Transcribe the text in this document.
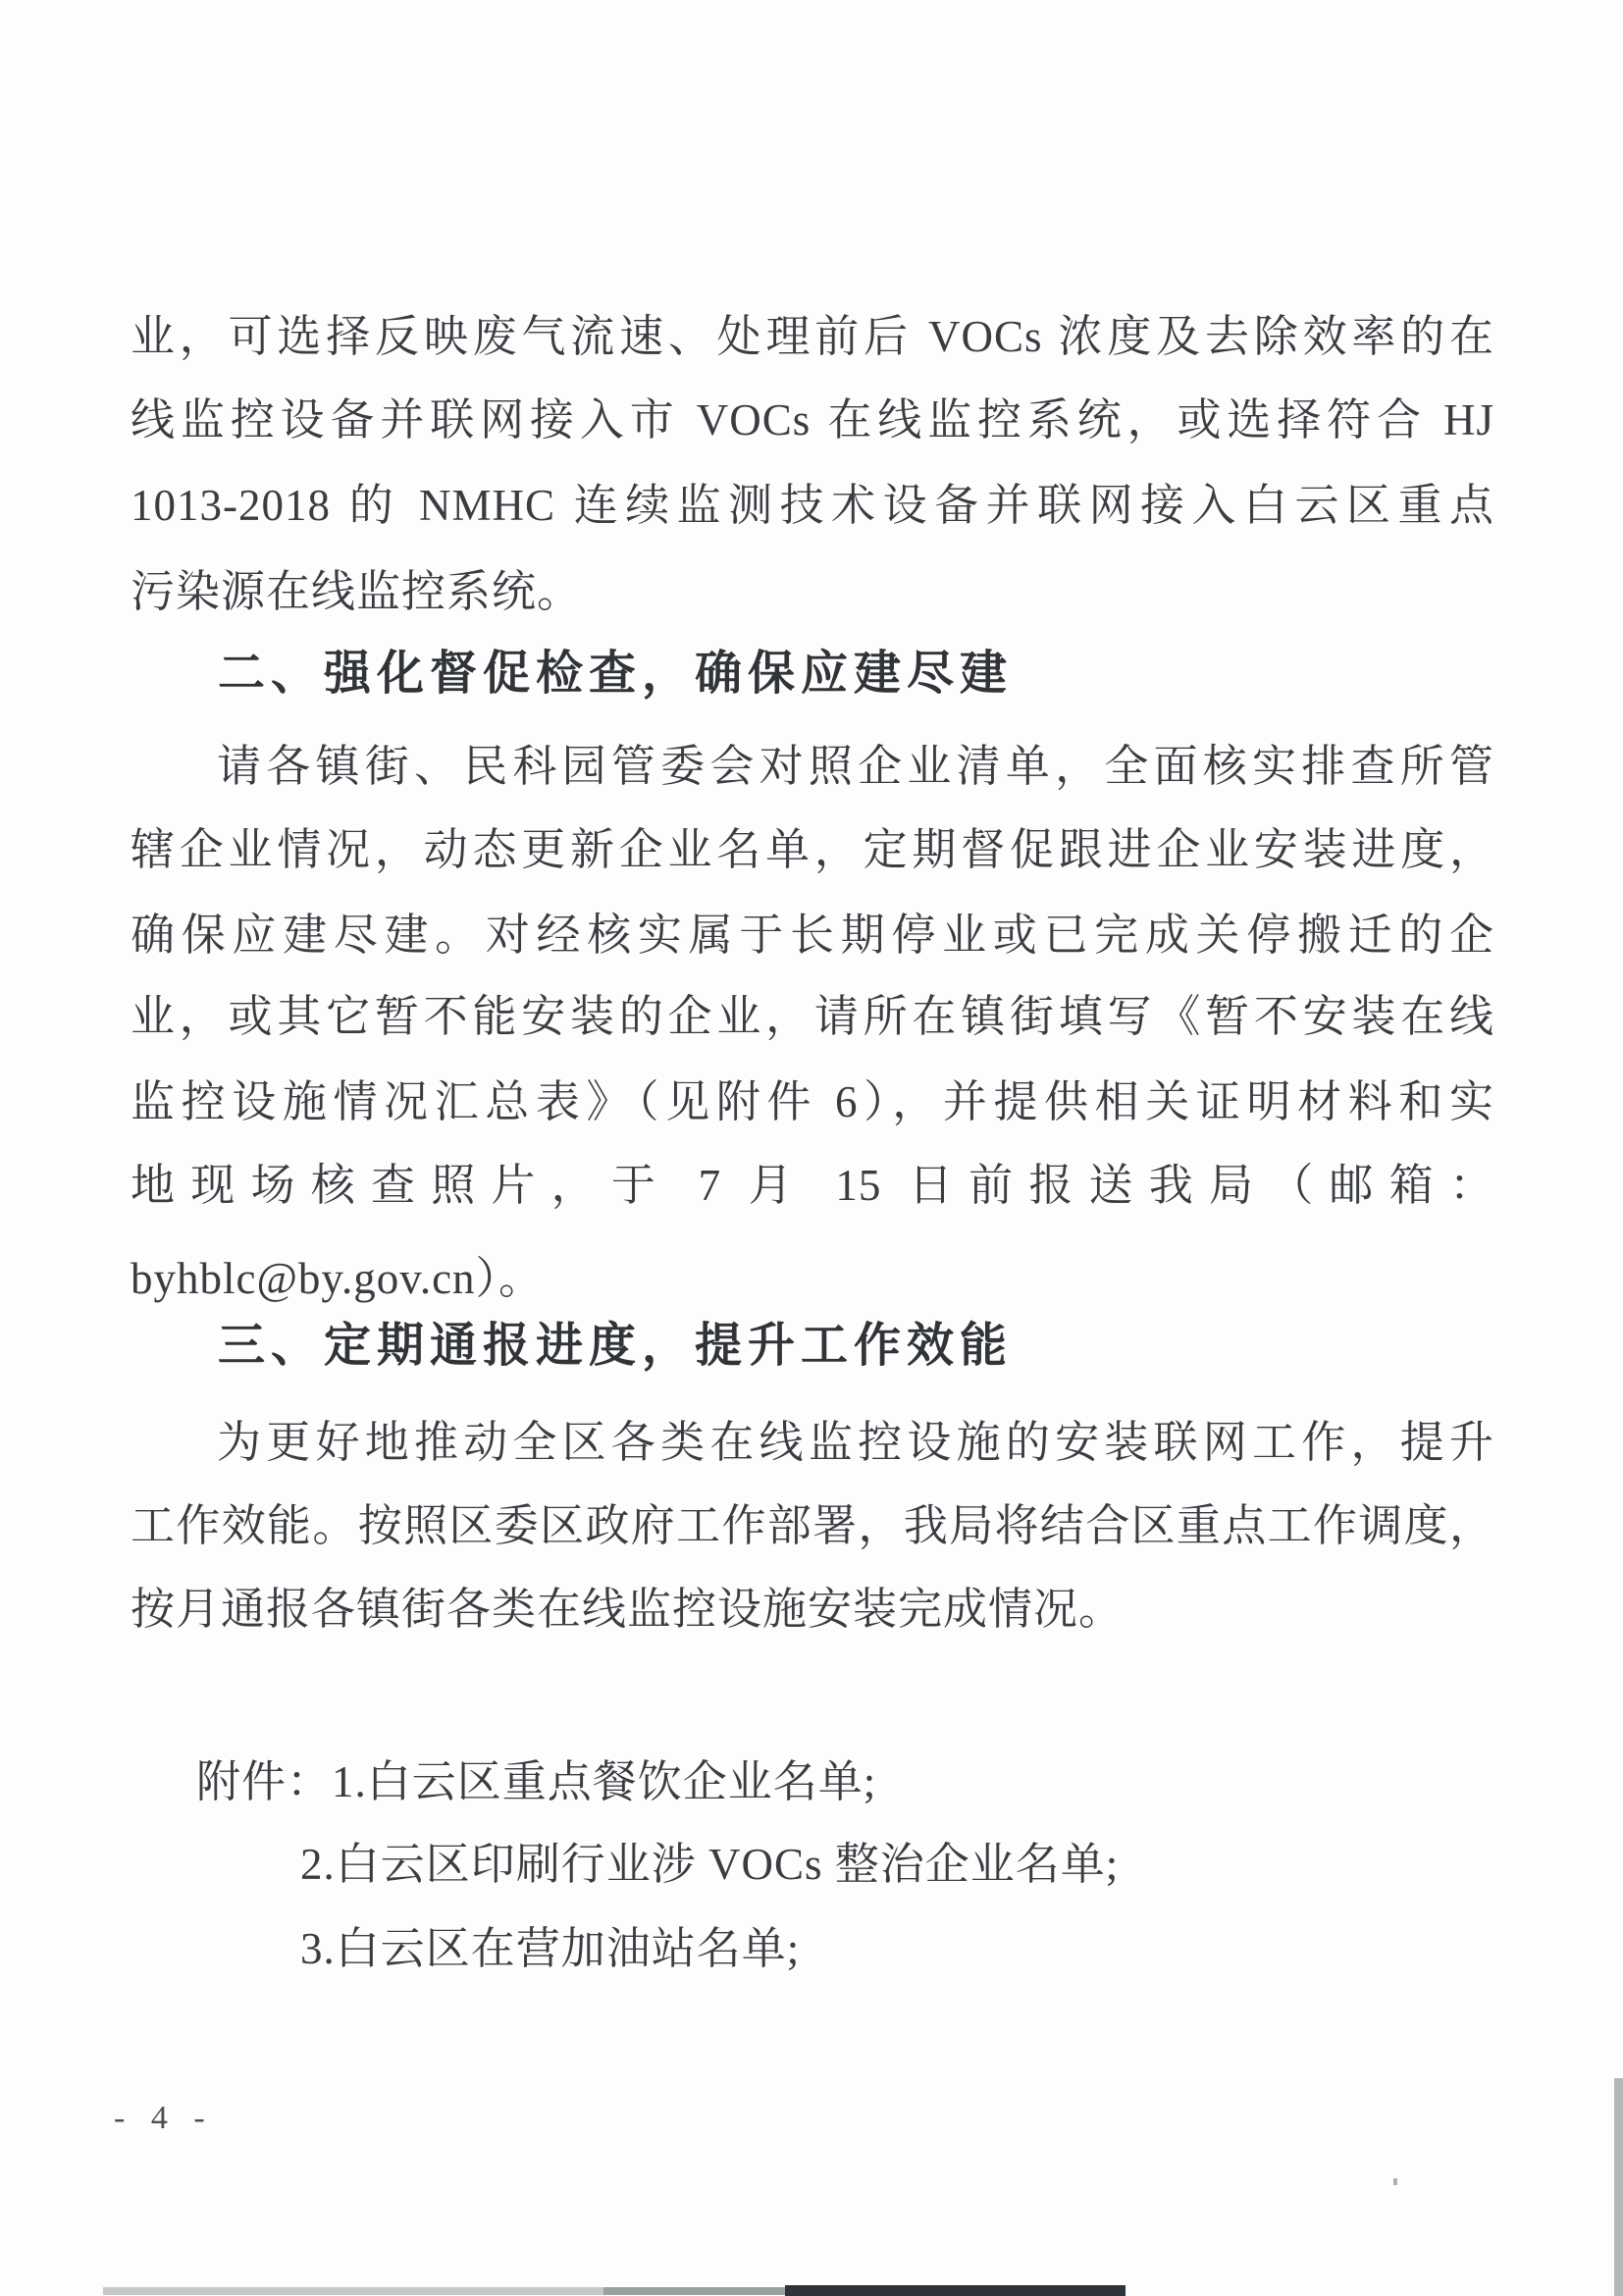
业，可选择反映废气流速、处理前后 VOCs 浓度及去除效率的在
线监控设备并联网接入市 VOCs 在线监控系统，或选择符合 HJ
1013-2018 的 NMHC 连续监测技术设备并联网接入白云区重点
污染源在线监控系统。
二、强化督促检查，确保应建尽建
请各镇街、民科园管委会对照企业清单，全面核实排查所管
辖企业情况，动态更新企业名单，定期督促跟进企业安装进度，
确保应建尽建。对经核实属于长期停业或已完成关停搬迁的企
业，或其它暂不能安装的企业，请所在镇街填写《暂不安装在线
监控设施情况汇总表》（见附件 6），并提供相关证明材料和实
地现场核查照片，于 7 月 15 日前报送我局（邮箱：
byhblc@by.gov.cn）。
三、定期通报进度，提升工作效能
为更好地推动全区各类在线监控设施的安装联网工作，提升
工作效能。按照区委区政府工作部署，我局将结合区重点工作调度，
按月通报各镇街各类在线监控设施安装完成情况。
附件：1.白云区重点餐饮企业名单;
2.白云区印刷行业涉 VOCs 整治企业名单;
3.白云区在营加油站名单;
- 4 -
